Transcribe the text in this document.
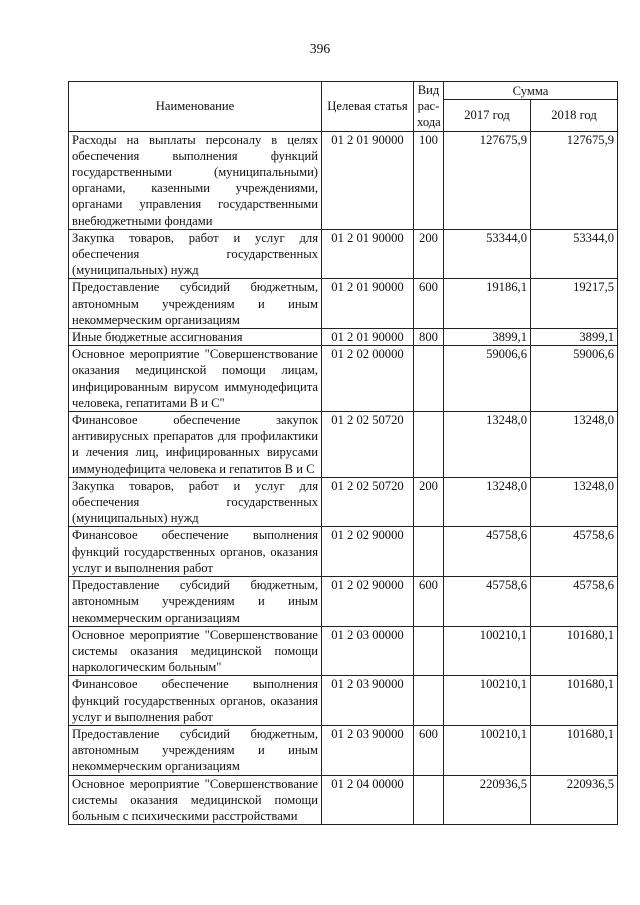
396
Наименование	Целевая статья	Вид рас-хода	Сумма	
			2017 год	2018 год
Расходы на выплаты персоналу в целях обеспечения выполнения функций государственными (муниципальными) органами, казенными учреждениями, органами управления государственными внебюджетными фондами	01 2 01 90000	100	127675,9	127675,9
Закупка товаров, работ и услуг для обеспечения государственных (муниципальных) нужд	01 2 01 90000	200	53344,0	53344,0
Предоставление субсидий бюджетным, автономным учреждениям и иным некоммерческим организациям	01 2 01 90000	600	19186,1	19217,5
Иные бюджетные ассигнования	01 2 01 90000	800	3899,1	3899,1
Основное мероприятие "Совершенствование оказания медицинской помощи лицам, инфицированным вирусом иммунодефицита человека, гепатитами B и C"	01 2 02 00000		59006,6	59006,6
Финансовое обеспечение закупок антивирусных препаратов для профилактики и лечения лиц, инфицированных вирусами иммунодефицита человека и гепатитов B и C	01 2 02 50720		13248,0	13248,0
Закупка товаров, работ и услуг для обеспечения государственных (муниципальных) нужд	01 2 02 50720	200	13248,0	13248,0
Финансовое обеспечение выполнения функций государственных органов, оказания услуг и выполнения работ	01 2 02 90000		45758,6	45758,6
Предоставление субсидий бюджетным, автономным учреждениям и иным некоммерческим организациям	01 2 02 90000	600	45758,6	45758,6
Основное мероприятие "Совершенствование системы оказания медицинской помощи наркологическим больным"	01 2 03 00000		100210,1	101680,1
Финансовое обеспечение выполнения функций государственных органов, оказания услуг и выполнения работ	01 2 03 90000		100210,1	101680,1
Предоставление субсидий бюджетным, автономным учреждениям и иным некоммерческим организациям	01 2 03 90000	600	100210,1	101680,1
Основное мероприятие "Совершенствование системы оказания медицинской помощи больным с психическими расстройствами	01 2 04 00000		220936,5	220936,5
